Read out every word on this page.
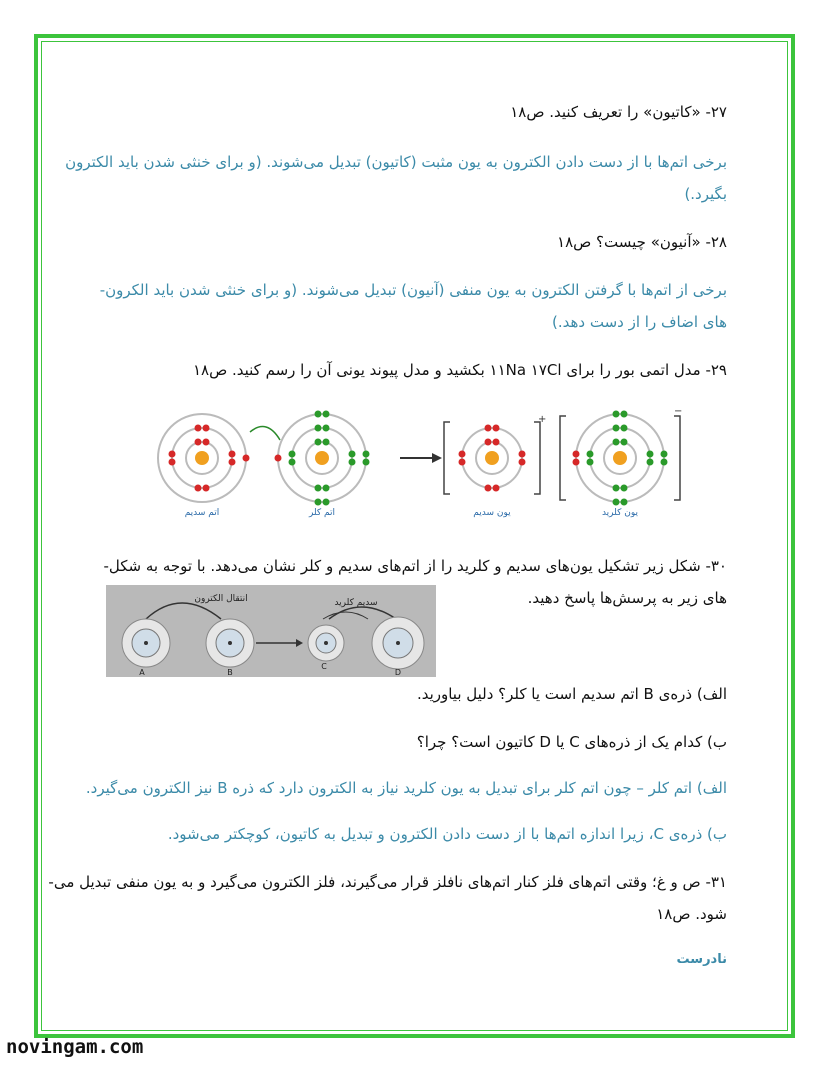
۲۷- «کاتیون» را تعریف کنید. ص۱۸
برخی اتم‌ها با از دست دادن الکترون به یون مثبت (کاتیون) تبدیل می‌شوند. (و برای خنثی شدن باید الکترون
بگیرد.)
۲۸- «آنیون» چیست؟ ص۱۸
برخی از اتم‌ها با گرفتن الکترون به یون منفی (آنیون) تبدیل می‌شوند. (و برای خنثی شدن باید الکرون-
های اضاف را از دست دهد.)
۲۹- مدل اتمی بور را برای ۱۱Na ۱۷Cl بکشید و مدل پیوند یونی آن را رسم کنید. ص۱۸
+
−
اتم سدیم	اتم کلر	یون سدیم	یون کلرید
۳۰- شکل زیر تشکیل یون‌های سدیم و کلرید را از اتم‌های سدیم و کلر نشان می‌دهد. با توجه به شکل-
های زیر به پرسش‌ها پاسخ دهید.
انتقال الکترون	سدیم کلرید
A	B
C
D
الف) ذره‌ی B اتم سدیم است یا کلر؟ دلیل بیاورید.
ب) کدام یک از ذره‌های C یا D کاتیون است؟ چرا؟
الف) اتم کلر – چون اتم کلر برای تبدیل به یون کلرید نیاز به الکترون دارد که ذره B نیز الکترون می‌گیرد.
ب) ذره‌ی C، زیرا اندازه اتم‌ها با از دست دادن الکترون و تبدیل به کاتیون، کوچکتر می‌شود.
۳۱- ص و غ؛ وقتی اتم‌های فلز کنار اتم‌های نافلز قرار می‌گیرند، فلز الکترون می‌گیرد و به یون منفی تبدیل می-
شود. ص۱۸
نادرست
novingam.com
